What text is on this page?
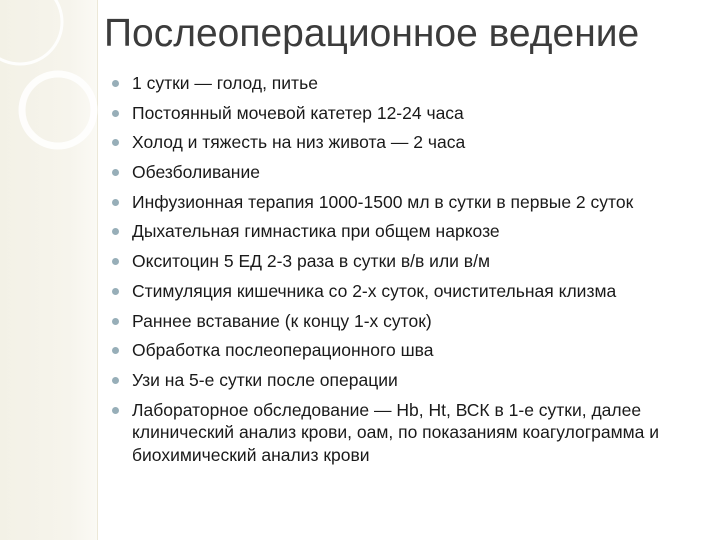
Послеоперационное ведение
1 сутки — голод, питье
Постоянный мочевой катетер 12-24 часа
Холод и тяжесть на низ живота — 2 часа
Обезболивание
Инфузионная терапия 1000-1500 мл в сутки в первые 2 суток
Дыхательная гимнастика при общем наркозе
Окситоцин 5 ЕД 2-3 раза в сутки в/в или в/м
Стимуляция кишечника со 2-х суток, очистительная клизма
Раннее вставание (к концу 1-х суток)
Обработка послеоперационного шва
Узи на 5-е сутки после операции
Лабораторное обследование — Hb, Ht, ВСК в 1-е сутки, далее клинический анализ крови, оам, по показаниям коагулограмма и биохимический анализ крови
